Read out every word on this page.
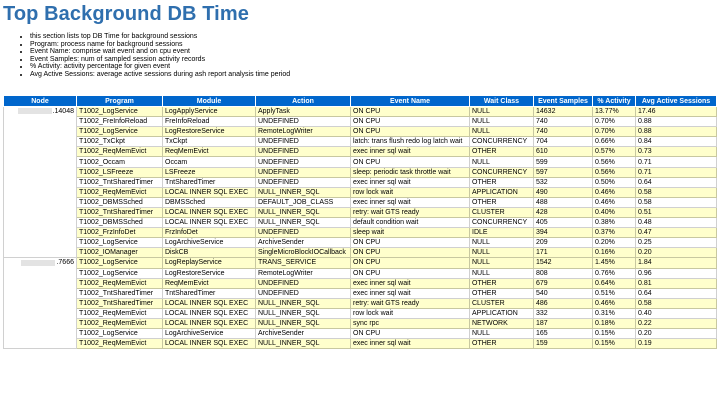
Top Background DB Time
• this section lists top DB Time for background sessions
• Program: process name for background sessions
• Event Name: comprise wait event and on cpu event
• Event Samples: num of sampled session activity records
• % Activity: activity percentage for given event
• Avg Active Sessions: average active sessions during ash report analysis time period
Node	Program	Module	Action	Event Name	Wait Class	Event Samples	% Activity	Avg Active Sessions
.14048	T1002_LogService	LogApplyService	ApplyTask	ON CPU	NULL	14632	13.77%	17.46
	T1002_FreInfoReload	FreInfoReload	UNDEFINED	ON CPU	NULL	740	0.70%	0.88
	T1002_LogService	LogRestoreService	RemoteLogWriter	ON CPU	NULL	740	0.70%	0.88
	T1002_TxCkpt	TxCkpt	UNDEFINED	latch: trans flush redo log latch wait	CONCURRENCY	704	0.66%	0.84
	T1002_ReqMemEvict	ReqMemEvict	UNDEFINED	exec inner sql wait	OTHER	610	0.57%	0.73
	T1002_Occam	Occam	UNDEFINED	ON CPU	NULL	599	0.56%	0.71
	T1002_LSFreeze	LSFreeze	UNDEFINED	sleep: periodic task throttle wait	CONCURRENCY	597	0.56%	0.71
	T1002_TntSharedTimer	TntSharedTimer	UNDEFINED	exec inner sql wait	OTHER	532	0.50%	0.64
	T1002_ReqMemEvict	LOCAL INNER SQL EXEC	NULL_INNER_SQL	row lock wait	APPLICATION	490	0.46%	0.58
	T1002_DBMSSched	DBMSSched	DEFAULT_JOB_CLASS	exec inner sql wait	OTHER	488	0.46%	0.58
	T1002_TntSharedTimer	LOCAL INNER SQL EXEC	NULL_INNER_SQL	retry: wait GTS ready	CLUSTER	428	0.40%	0.51
	T1002_DBMSSched	LOCAL INNER SQL EXEC	NULL_INNER_SQL	default condition wait	CONCURRENCY	405	0.38%	0.48
	T1002_FrzInfoDet	FrzInfoDet	UNDEFINED	sleep wait	IDLE	394	0.37%	0.47
	T1002_LogService	LogArchiveService	ArchiveSender	ON CPU	NULL	209	0.20%	0.25
	T1002_IOManager	DiskCB	SingleMicroBlockIOCallback	ON CPU	NULL	171	0.16%	0.20
.7666	T1002_LogService	LogReplayService	TRANS_SERVICE	ON CPU	NULL	1542	1.45%	1.84
	T1002_LogService	LogRestoreService	RemoteLogWriter	ON CPU	NULL	808	0.76%	0.96
	T1002_ReqMemEvict	ReqMemEvict	UNDEFINED	exec inner sql wait	OTHER	679	0.64%	0.81
	T1002_TntSharedTimer	TntSharedTimer	UNDEFINED	exec inner sql wait	OTHER	540	0.51%	0.64
	T1002_TntSharedTimer	LOCAL INNER SQL EXEC	NULL_INNER_SQL	retry: wait GTS ready	CLUSTER	486	0.46%	0.58
	T1002_ReqMemEvict	LOCAL INNER SQL EXEC	NULL_INNER_SQL	row lock wait	APPLICATION	332	0.31%	0.40
	T1002_ReqMemEvict	LOCAL INNER SQL EXEC	NULL_INNER_SQL	sync rpc	NETWORK	187	0.18%	0.22
	T1002_LogService	LogArchiveService	ArchiveSender	ON CPU	NULL	165	0.15%	0.20
	T1002_ReqMemEvict	LOCAL INNER SQL EXEC	NULL_INNER_SQL	exec inner sql wait	OTHER	159	0.15%	0.19
